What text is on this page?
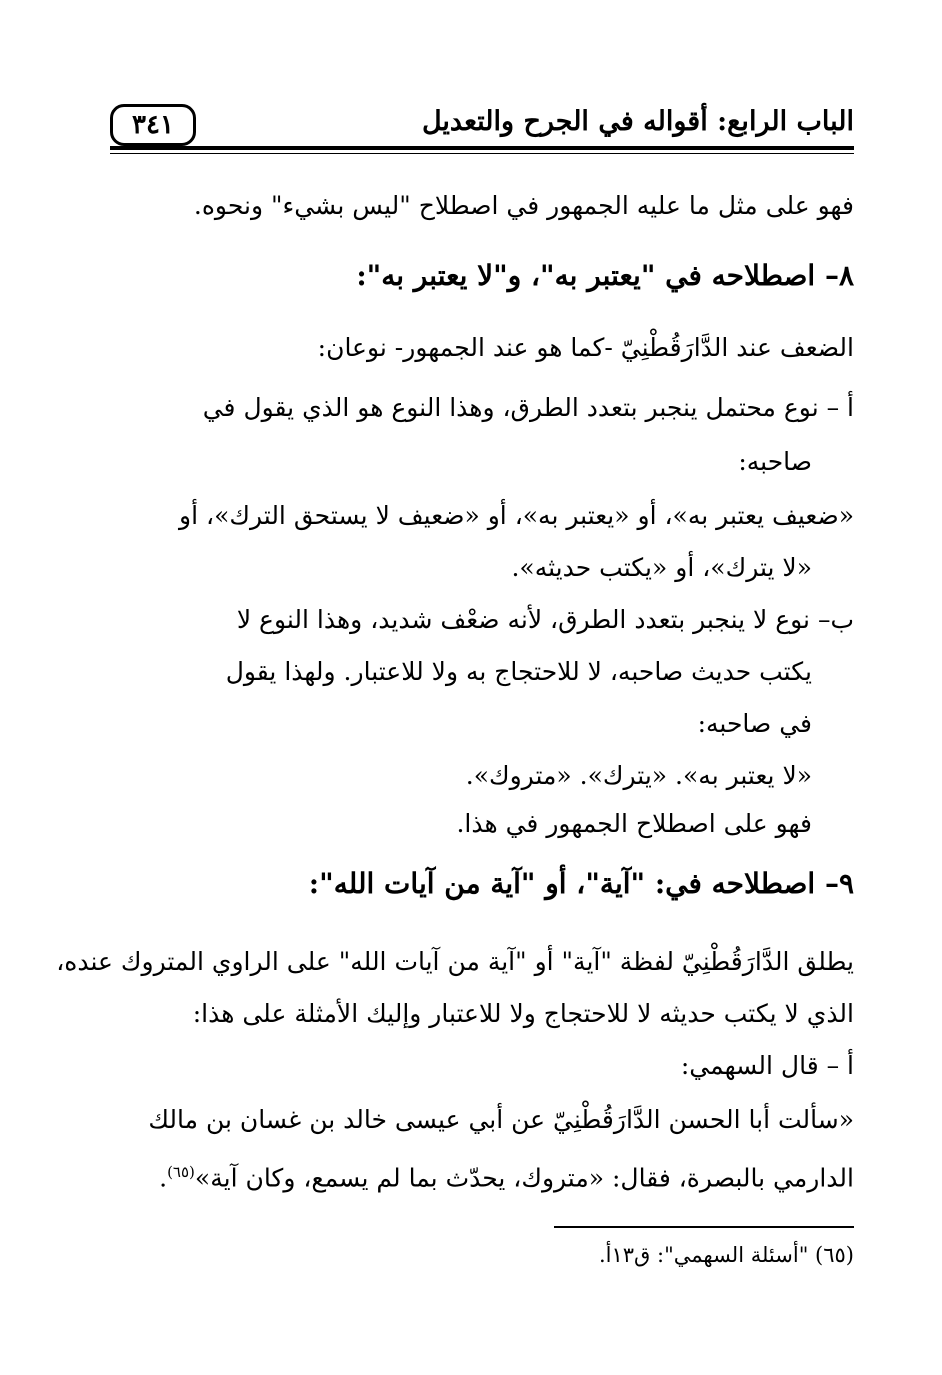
الباب الرابع: أقواله في الجرح والتعديل
٣٤١
فهو على مثل ما عليه الجمهور في اصطلاح "ليس بشيء" ونحوه.
٨– اصطلاحه في "يعتبر به"، و"لا يعتبر به":
الضعف عند الدَّارَقُطْنِيّ -كما هو عند الجمهور- نوعان:
أ – نوع محتمل ينجبر بتعدد الطرق، وهذا النوع هو الذي يقول في
صاحبه:
«ضعيف يعتبر به»، أو «يعتبر به»، أو «ضعيف لا يستحق الترك»، أو
«لا يترك»، أو «يكتب حديثه».
ب– نوع لا ينجبر بتعدد الطرق، لأنه ضعْف شديد، وهذا النوع لا
يكتب حديث صاحبه، لا للاحتجاج به ولا للاعتبار. ولهذا يقول
في صاحبه:
«لا يعتبر به». «يترك». «متروك».
فهو على اصطلاح الجمهور في هذا.
٩– اصطلاحه في: "آية"، أو "آية من آيات الله":
يطلق الدَّارَقُطْنِيّ لفظة "آية" أو "آية من آيات الله" على الراوي المتروك عنده،
الذي لا يكتب حديثه لا للاحتجاج ولا للاعتبار وإليك الأمثلة على هذا:
أ – قال السهمي:
«سألت أبا الحسن الدَّارَقُطْنِيّ عن أبي عيسى خالد بن غسان بن مالك
الدارمي بالبصرة، فقال: «متروك، يحدّث بما لم يسمع، وكان آية»$^{(٦٥)}$.
(٦٥) "أسئلة السهمي": ق١٣أ.
